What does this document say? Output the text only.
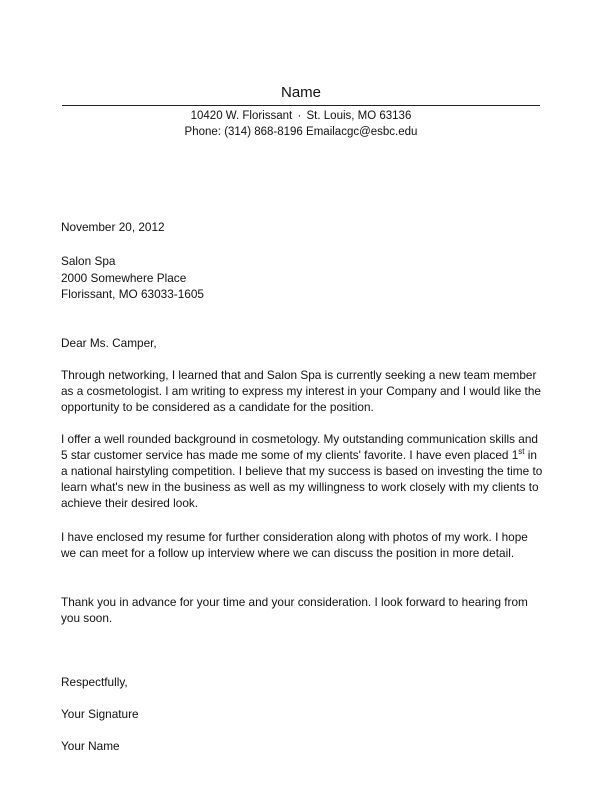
Name
10420 W. Florissant · St. Louis, MO 63136
Phone: (314) 868-8196 Emailacgc@esbc.edu
November 20, 2012
Salon Spa
2000 Somewhere Place
Florissant, MO 63033-1605
Dear Ms. Camper,

Through networking, I learned that and Salon Spa is currently seeking a new team member as a cosmetologist. I am writing to express my interest in your Company and I would like the opportunity to be considered as a candidate for the position.

I offer a well rounded background in cosmetology. My outstanding communication skills and 5 star customer service has made me some of my clients' favorite. I have even placed 1st in a national hairstyling competition. I believe that my success is based on investing the time to learn what's new in the business as well as my willingness to work closely with my clients to achieve their desired look.

I have enclosed my resume for further consideration along with photos of my work. I hope we can meet for a follow up interview where we can discuss the position in more detail.

Thank you in advance for your time and your consideration. I look forward to hearing from you soon.

Respectfully,
Your Signature
Your Name
